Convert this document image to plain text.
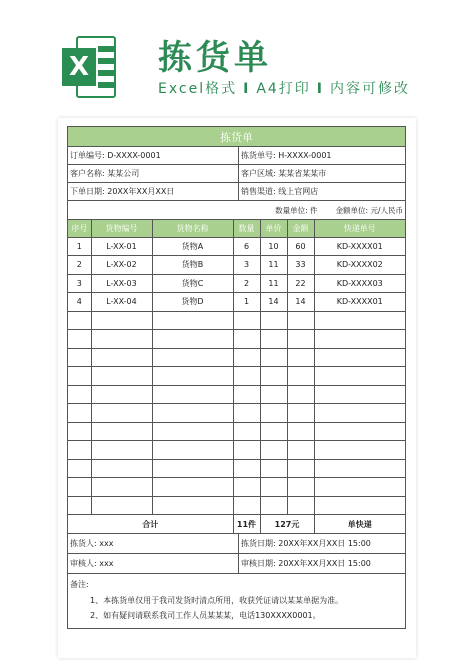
X 拣货单
Excel格式 I A4打印 I 内容可修改
拣货单
订单编号: D-XXXX-0001	拣货单号: H-XXXX-0001
客户名称: 某某公司	客户区域: 某某省某某市
下单日期: 20XX年XX月XX日	销售渠道: 线上官网店
数量单位: 件 金额单位: 元/人民币
序号	货物编号	货物名称	数量	单价	金额	快递单号
1	L-XX-01	货物A	6	10	60	KD-XXXX01
2	L-XX-02	货物B	3	11	33	KD-XXXX02
3	L-XX-03	货物C	2	11	22	KD-XXXX03
4	L-XX-04	货物D	1	14	14	KD-XXXX01

合计			11件	127元		单快递
拣货人: xxx	拣货日期: 20XX年XX月XX日 15:00
审核人: xxx	审核日期: 20XX年XX月XX日 15:00
备注:
1、本拣货单仅用于我司发货时清点所用，收获凭证请以某某单据为准。
2、如有疑问请联系我司工作人员某某某，电话130XXXX0001。
